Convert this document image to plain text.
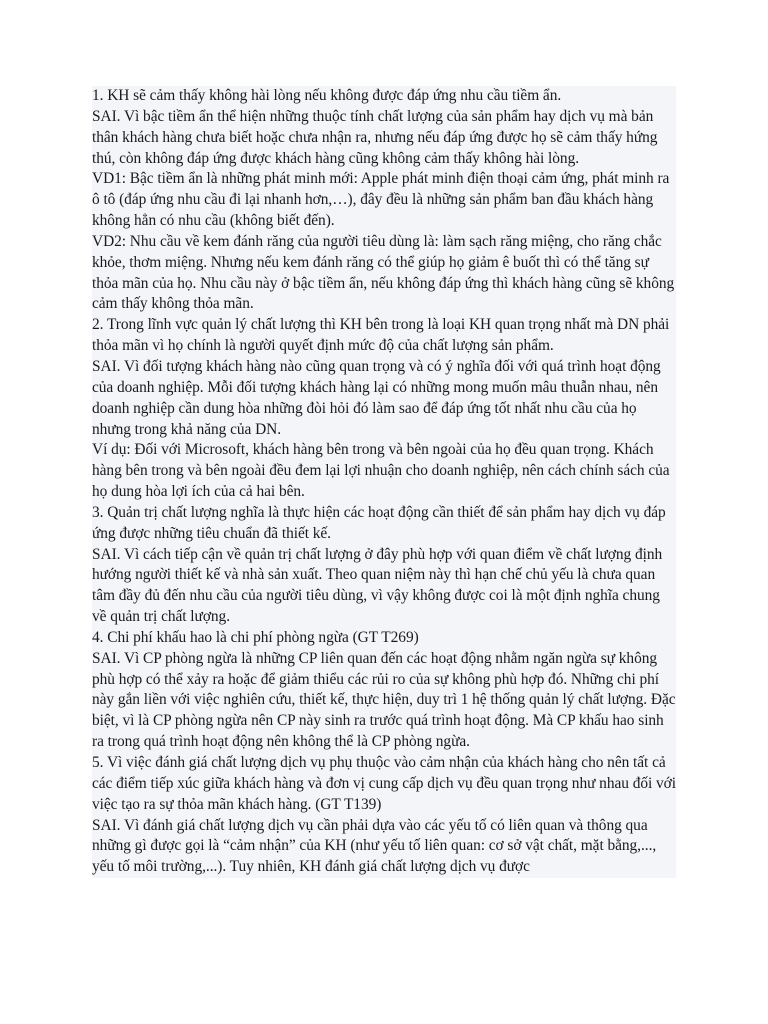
1. KH sẽ cảm thấy không hài lòng nếu không được đáp ứng nhu cầu tiềm ẩn.

SAI. Vì bậc tiềm ẩn thể hiện những thuộc tính chất lượng của sản phẩm hay dịch vụ mà bản thân khách hàng chưa biết hoặc chưa nhận ra, nhưng nếu đáp ứng được họ sẽ cảm thấy hứng thú, còn không đáp ứng được khách hàng cũng không cảm thấy không hài lòng.

VD1: Bậc tiềm ẩn là những phát minh mới: Apple phát minh điện thoại cảm ứng, phát minh ra ô tô (đáp ứng nhu cầu đi lại nhanh hơn,…), đây đều là những sản phẩm ban đầu khách hàng không hẳn có nhu cầu (không biết đến).

VD2: Nhu cầu về kem đánh răng của người tiêu dùng là: làm sạch răng miệng, cho răng chắc khỏe, thơm miệng. Nhưng nếu kem đánh răng có thể giúp họ giảm ê buốt thì có thể tăng sự thỏa mãn của họ. Nhu cầu này ở bậc tiềm ẩn, nếu không đáp ứng thì khách hàng cũng sẽ không cảm thấy không thỏa mãn.

2. Trong lĩnh vực quản lý chất lượng thì KH bên trong là loại KH quan trọng nhất mà DN phải thỏa mãn vì họ chính là người quyết định mức độ của chất lượng sản phẩm.

SAI. Vì đối tượng khách hàng nào cũng quan trọng và có ý nghĩa đối với quá trình hoạt động của doanh nghiệp. Mỗi đối tượng khách hàng lại có những mong muốn mâu thuẫn nhau, nên doanh nghiệp cần dung hòa những đòi hỏi đó làm sao để đáp ứng tốt nhất nhu cầu của họ nhưng trong khả năng của DN.

Ví dụ: Đối với Microsoft, khách hàng bên trong và bên ngoài của họ đều quan trọng. Khách hàng bên trong và bên ngoài đều đem lại lợi nhuận cho doanh nghiệp, nên cách chính sách của họ dung hòa lợi ích của cả hai bên.

3. Quản trị chất lượng nghĩa là thực hiện các hoạt động cần thiết để sản phẩm hay dịch vụ đáp ứng được những tiêu chuẩn đã thiết kế.

SAI. Vì cách tiếp cận về quản trị chất lượng ở đây phù hợp với quan điểm về chất lượng định hướng người thiết kế và nhà sản xuất. Theo quan niệm này thì hạn chế chủ yếu là chưa quan tâm đầy đủ đến nhu cầu của người tiêu dùng, vì vậy không được coi là một định nghĩa chung về quản trị chất lượng.

4. Chi phí khấu hao là chi phí phòng ngừa (GT T269)

SAI. Vì CP phòng ngừa là những CP liên quan đến các hoạt động nhằm ngăn ngừa sự không phù hợp có thể xảy ra hoặc để giảm thiểu các rủi ro của sự không phù hợp đó. Những chi phí này gắn liền với việc nghiên cứu, thiết kế, thực hiện, duy trì 1 hệ thống quản lý chất lượng. Đặc biệt, vì là CP phòng ngừa nên CP này sinh ra trước quá trình hoạt động. Mà CP khấu hao sinh ra trong quá trình hoạt động nên không thể là CP phòng ngừa.

5. Vì việc đánh giá chất lượng dịch vụ phụ thuộc vào cảm nhận của khách hàng cho nên tất cả các điểm tiếp xúc giữa khách hàng và đơn vị cung cấp dịch vụ đều quan trọng như nhau đối với việc tạo ra sự thỏa mãn khách hàng. (GT T139)

SAI. Vì đánh giá chất lượng dịch vụ cần phải dựa vào các yếu tố có liên quan và thông qua những gì được gọi là “cảm nhận” của KH (như yếu tố liên quan: cơ sở vật chất, mặt bằng,..., yếu tố môi trường,...). Tuy nhiên, KH đánh giá chất lượng dịch vụ được
